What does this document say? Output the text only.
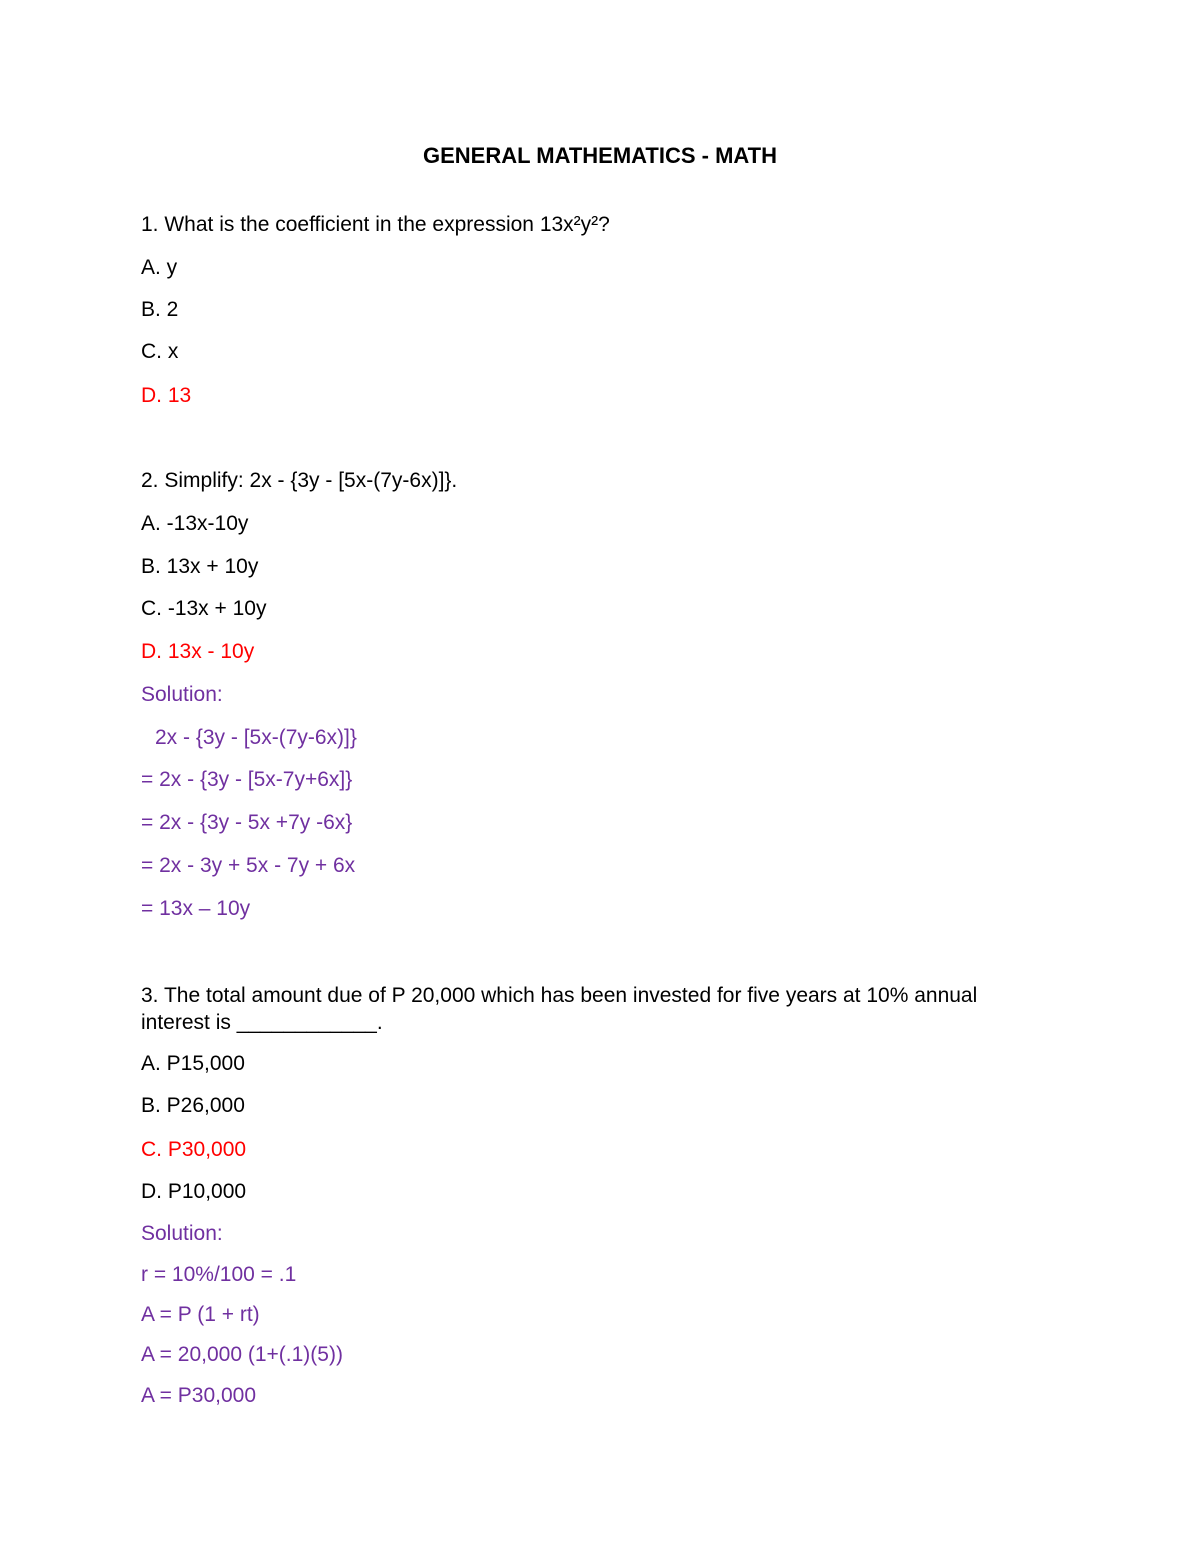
GENERAL MATHEMATICS - MATH
1. What is the coefficient in the expression 13x²y²?
A. y
B. 2
C. x
D. 13
2. Simplify: 2x - {3y - [5x-(7y-6x)]}.
A. -13x-10y
B. 13x + 10y
C. -13x + 10y
D. 13x - 10y
Solution:
2x - {3y - [5x-(7y-6x)]}
= 2x - {3y - [5x-7y+6x]}
= 2x - {3y - 5x +7y -6x}
= 2x - 3y + 5x - 7y + 6x
= 13x – 10y
3. The total amount due of P 20,000 which has been invested for five years at 10% annual interest is ____________.
A. P15,000
B. P26,000
C. P30,000
D. P10,000
Solution:
r = 10%/100 = .1
A = P (1 + rt)
A = 20,000 (1+(.1)(5))
A = P30,000
